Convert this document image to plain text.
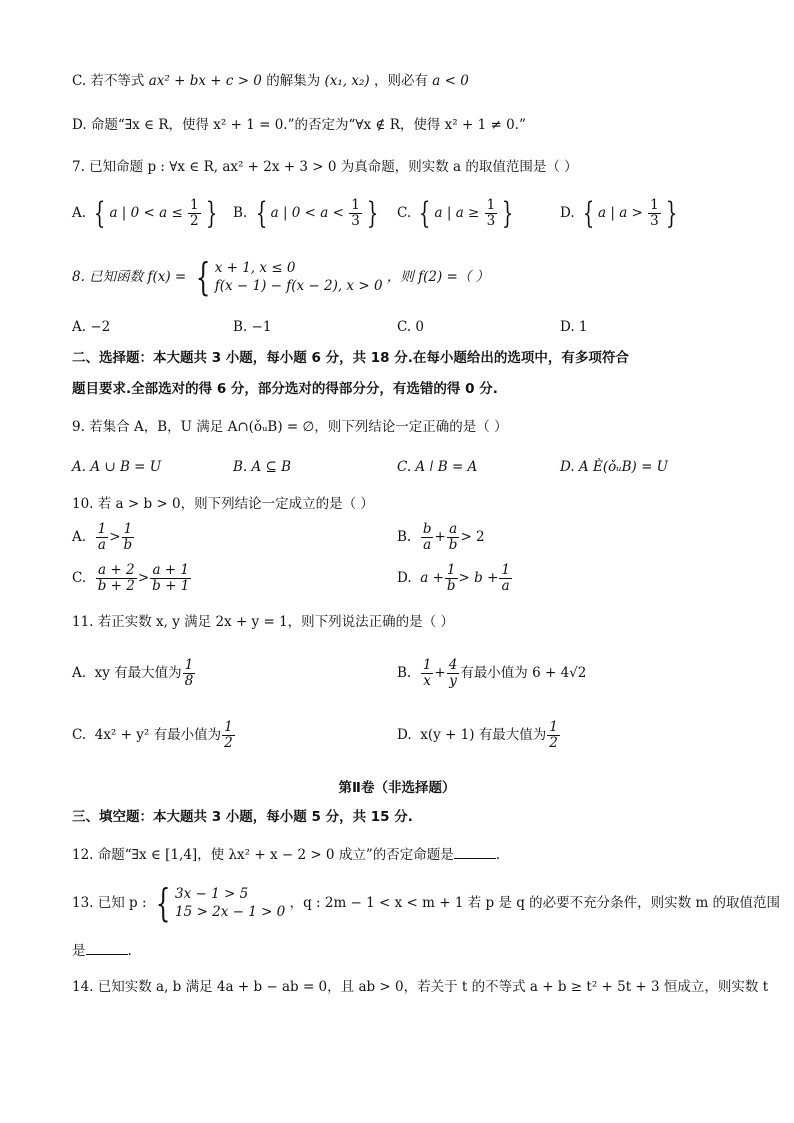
C. 若不等式 ax² + bx + c > 0 的解集为 (x₁, x₂) ，则必有 a < 0
D. 命题“∃x ∈ R，使得 x² + 1 = 0.”的否定为“∀x ∉ R，使得 x² + 1 ≠ 0.”
7. 已知命题 p : ∀x ∈ R, ax² + 2x + 3 > 0 为真命题，则实数 a 的取值范围是（ ）
A. { a | $0 < a \le \frac{1}{2}$ } B. { a | $0 < a < \frac{1}{3}$ } C. { a | $a \ge \frac{1}{3}$ }	D. { a | $a > \frac{1}{3}$ }
8. 已知函数 f(x) = { x + 1, x ≤ 0
f(x − 1) − f(x − 2), x > 0
，则 f(2) =（ ）
A. −2	B. −1	C. 0	D. 1
二、选择题：本大题共 3 小题，每小题 6 分，共 18 分.在每小题给出的选项中，有多项符合
题目要求.全部选对的得 6 分，部分选对的得部分分，有选错的得 0 分.
9. 若集合 A，B，U 满足 A∩(ǒᵤB) = ∅，则下列结论一定正确的是（ ）
A. A ∪ B = U	B. A ⊆ B	C. A ǀ B = A	D. A È(ǒᵤB) = U
10. 若 a > b > 0，则下列结论一定成立的是（ ）
A. $\frac{1}{a} > \frac{1}{b}$	B. $\frac{b}{a} + \frac{a}{b} > 2$
C. $\frac{a + 2}{b + 2} > \frac{a + 1}{b + 1}$	D. $a + \frac{1}{b} > b + \frac{1}{a}$
11. 若正实数 x, y 满足 2x + y = 1，则下列说法正确的是（ ）
A. xy 有最大值为 $\frac{1}{8}$	B. $\frac{1}{x} + \frac{4}{y}$ 有最小值为 6 + 4√2
C. 4x² + y² 有最小值为 $\frac{1}{2}$	D. x(y + 1) 有最大值为 $\frac{1}{2}$
第Ⅱ卷（非选择题）
三、填空题：本大题共 3 小题，每小题 5 分，共 15 分.
12. 命题“∃x ∈ [1,4]，使 λx² + x − 2 > 0 成立”的否定命题是	.
13. 已知 p : { 3x − 1 > 5
15 > 2x − 1 > 0
，q : 2m − 1 < x < m + 1 若 p 是 q 的必要不充分条件，则实数 m 的取值范围
是	.
14. 已知实数 a, b 满足 4a + b − ab = 0，且 ab > 0，若关于 t 的不等式 a + b ≥ t² + 5t + 3 恒成立，则实数 t
